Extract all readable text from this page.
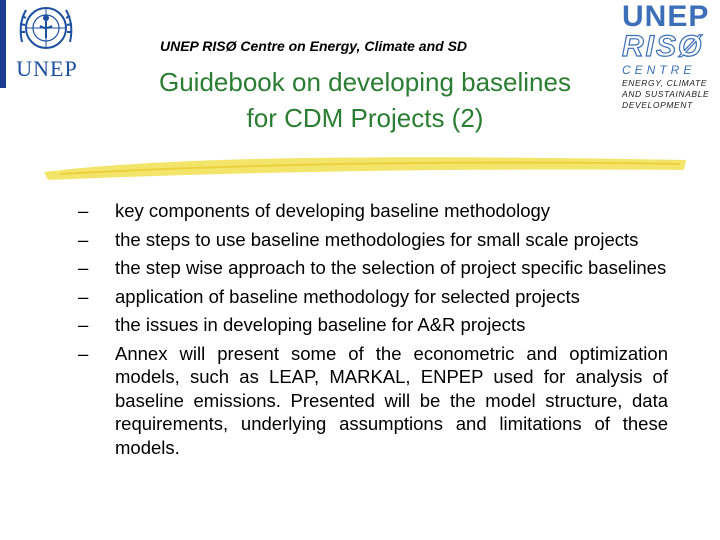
UNEP
UNEP RISØ Centre on Energy, Climate and SD
UNEP
RISØ
CENTRE
ENERGY, CLIMATE
AND SUSTAINABLE
DEVELOPMENT
Guidebook on developing baselines
for CDM Projects (2)
– key components of developing baseline methodology
– the steps to use baseline methodologies for small scale projects
– the step wise approach to the selection of project specific baselines
– application of baseline methodology for selected projects
– the issues in developing baseline for A&R projects
– Annex will present some of the econometric and optimization models, such as LEAP, MARKAL, ENPEP used for analysis of baseline emissions. Presented will be the model structure, data requirements, underlying assumptions and limitations of these models.
